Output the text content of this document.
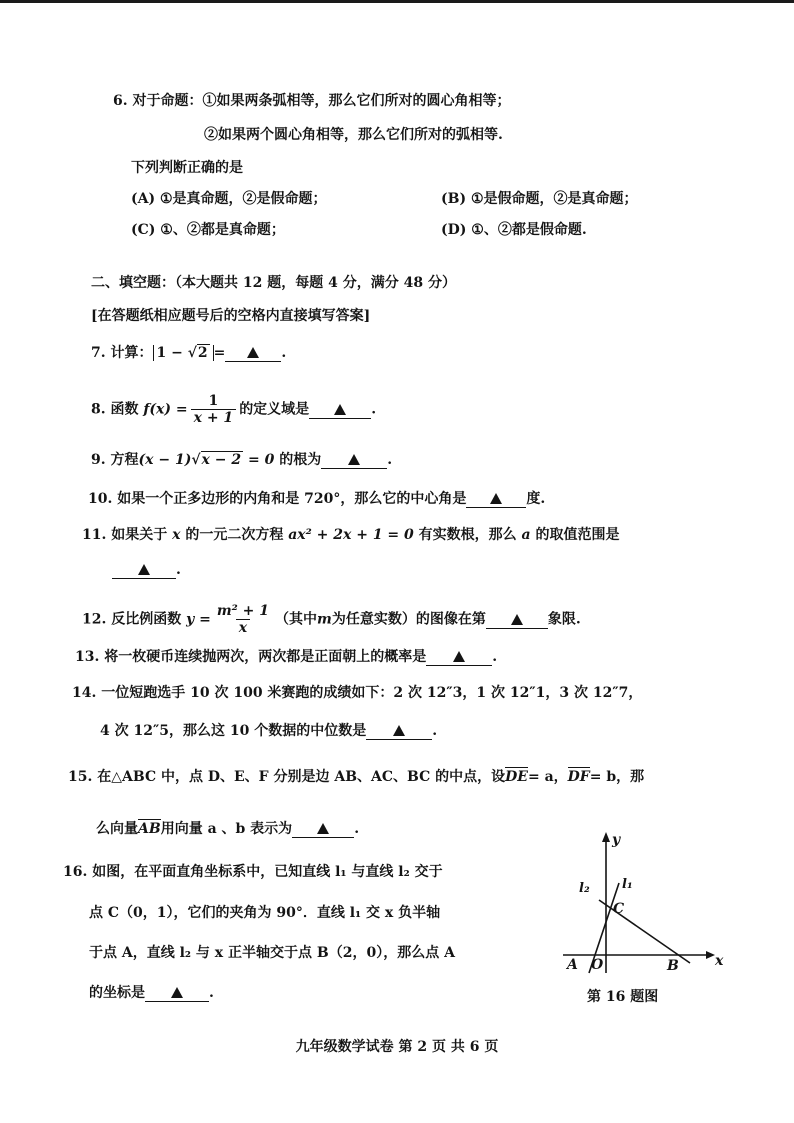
6. 对于命题：①如果两条弧相等，那么它们所对的圆心角相等；
②如果两个圆心角相等，那么它们所对的弧相等.
下列判断正确的是
(A) ①是真命题，②是假命题；	(B) ①是假命题，②是真命题；
(C) ①、②都是真命题；	(D) ①、②都是假命题.
二、填空题：（本大题共 12 题，每题 4 分，满分 48 分）
[在答题纸相应题号后的空格内直接填写答案]
7. 计算： 1 − √2 =	.
8. 函数 $f(x) = \frac{1}{x + 1}$ 的定义域是	.
9. 方程(x − 1)√x − 2 = 0 的根为	.
10. 如果一个正多边形的内角和是 720°，那么它的中心角是	度.
11. 如果关于 x 的一元二次方程 ax² + 2x + 1 = 0 有实数根，那么 a 的取值范围是
.
12. 反比例函数 $y = \frac{\text{m² + 1}}{x}$ （其中m为任意实数）的图像在第	象限.
13. 将一枚硬币连续抛两次，两次都是正面朝上的概率是	.
14. 一位短跑选手 10 次 100 米赛跑的成绩如下：2 次 12″3，1 次 12″1，3 次 12″7，
4 次 12″5，那么这 10 个数据的中位数是	.
15. 在△ABC 中，点 D、E、F 分别是边 AB、AC、BC 的中点，设DE= a，DF= b，那
么向量AB用向量 a 、b 表示为	.
16. 如图，在平面直角坐标系中，已知直线 l₁ 与直线 l₂ 交于
点 C（0，1），它们的夹角为 90°．直线 l₁ 交 x 负半轴
于点 A，直线 l₂ 与 x 正半轴交于点 B（2，0），那么点 A
的坐标是	.
y
x
l₂ l₁
C
A O	B
第 16 题图
九年级数学试卷 第 2 页 共 6 页
